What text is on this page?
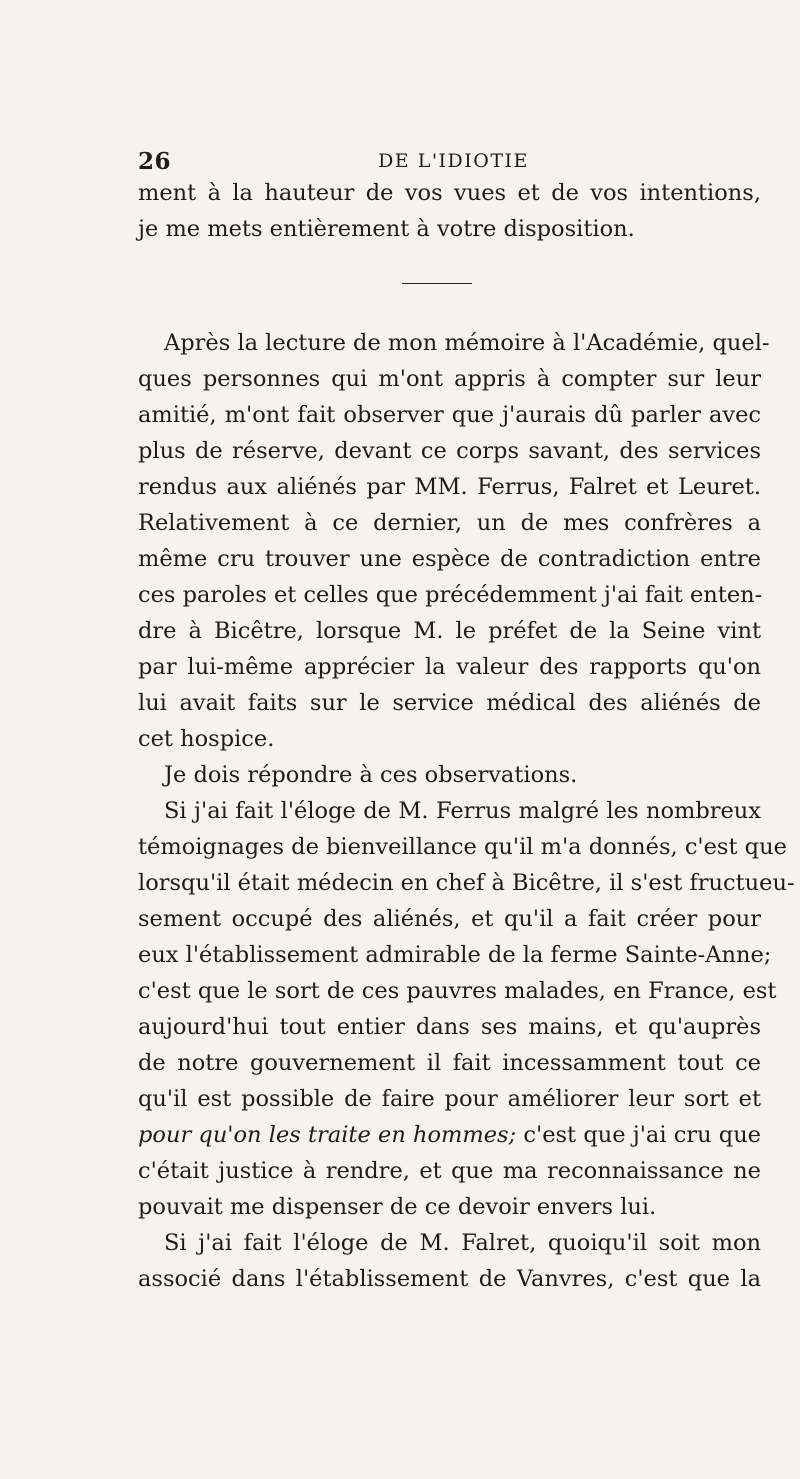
26	DE L'IDIOTIE
ment à la hauteur de vos vues et de vos intentions,
je me mets entièrement à votre disposition.
Après la lecture de mon mémoire à l'Académie, quel-
ques personnes qui m'ont appris à compter sur leur
amitié, m'ont fait observer que j'aurais dû parler avec
plus de réserve, devant ce corps savant, des services
rendus aux aliénés par MM. Ferrus, Falret et Leuret.
Relativement à ce dernier, un de mes confrères a
même cru trouver une espèce de contradiction entre
ces paroles et celles que précédemment j'ai fait enten-
dre à Bicêtre, lorsque M. le préfet de la Seine vint
par lui-même apprécier la valeur des rapports qu'on
lui avait faits sur le service médical des aliénés de
cet hospice.
Je dois répondre à ces observations.
Si j'ai fait l'éloge de M. Ferrus malgré les nombreux
témoignages de bienveillance qu'il m'a donnés, c'est que
lorsqu'il était médecin en chef à Bicêtre, il s'est fructueu-
sement occupé des aliénés, et qu'il a fait créer pour
eux l'établissement admirable de la ferme Sainte-Anne;
c'est que le sort de ces pauvres malades, en France, est
aujourd'hui tout entier dans ses mains, et qu'auprès
de notre gouvernement il fait incessamment tout ce
qu'il est possible de faire pour améliorer leur sort et
pour qu'on les traite en hommes; c'est que j'ai cru que
c'était justice à rendre, et que ma reconnaissance ne
pouvait me dispenser de ce devoir envers lui.
Si j'ai fait l'éloge de M. Falret, quoiqu'il soit mon
associé dans l'établissement de Vanvres, c'est que la
